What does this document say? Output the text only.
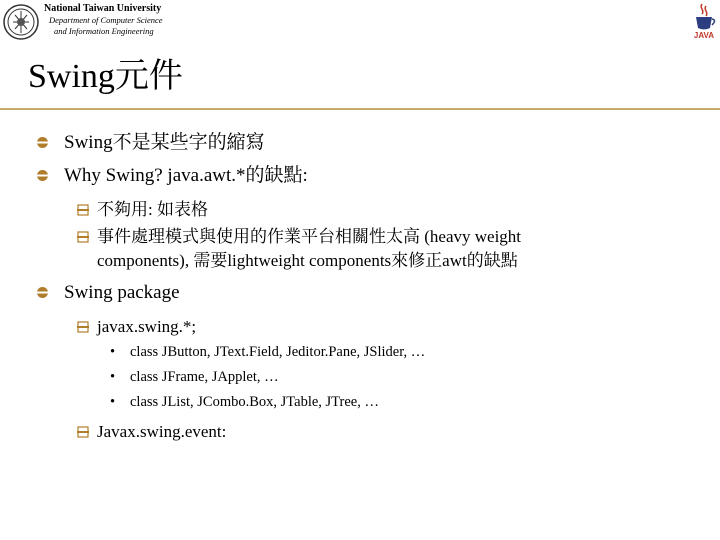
National Taiwan University
Department of Computer Science
and Information Engineering	JAVA
Swing元件
Swing不是某些字的縮寫
Why Swing? java.awt.*的缺點:
不夠用: 如表格
事件處理模式與使用的作業平台相關性太高 (heavy weight
components), 需要lightweight components來修正awt的缺點
Swing package
javax.swing.*;
• class JButton, JText.Field, Jeditor.Pane, JSlider, …
• class JFrame, JApplet, …
• class JList, JCombo.Box, JTable, JTree, …
Javax.swing.event:
